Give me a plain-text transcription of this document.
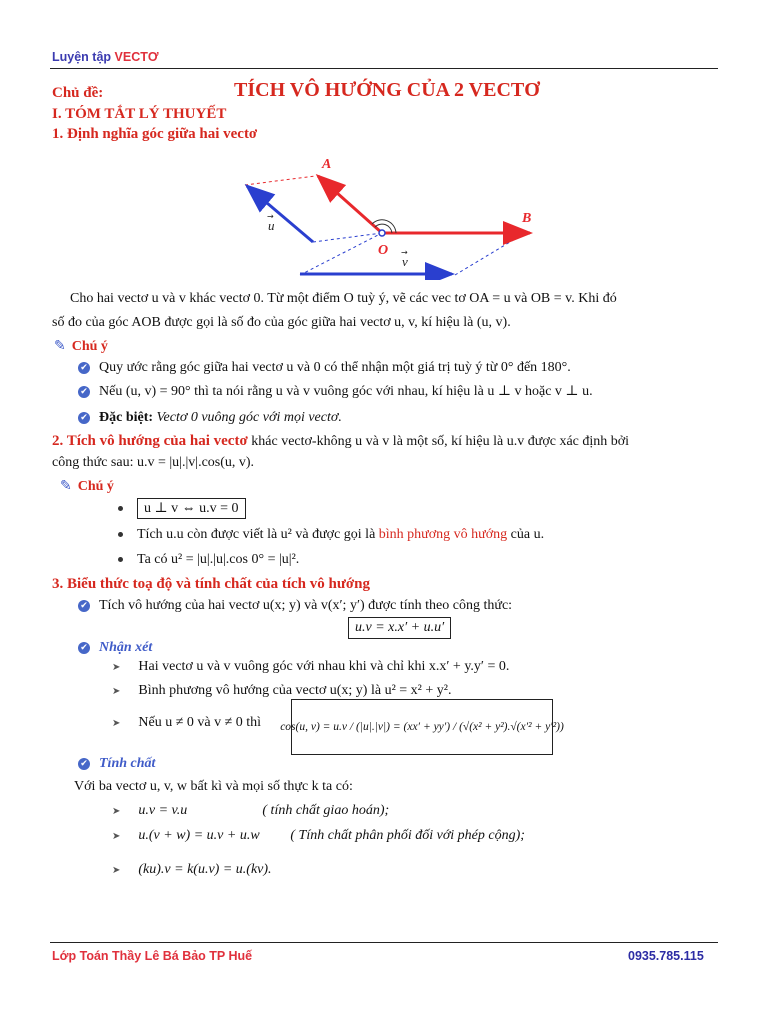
Luyện tập VECTƠ
Chủ đề:	TÍCH VÔ HƯỚNG CỦA 2 VECTƠ
I. TÓM TẮT LÝ THUYẾT
1. Định nghĩa góc giữa hai vectơ
A
B
O
u
v
→
→
Cho hai vectơ u và v khác vectơ 0. Từ một điểm O tuỳ ý, vẽ các vec tơ OA = u và OB = v. Khi đó
số đo của góc AOB được gọi là số đo của góc giữa hai vectơ u, v, kí hiệu là (u, v).
✎ Chú ý
✔ Quy ước rằng góc giữa hai vectơ u và 0 có thể nhận một giá trị tuỳ ý từ 0° đến 180°.
✔ Nếu (u, v) = 90° thì ta nói rằng u và v vuông góc với nhau, kí hiệu là u ⊥ v hoặc v ⊥ u.
✔ Đặc biệt: Vectơ 0 vuông góc với mọi vectơ.
2. Tích vô hướng của hai vectơ khác vectơ-không u và v là một số, kí hiệu là u.v được xác định bởi
công thức sau: u.v = |u|.|v|.cos(u, v).
✎ Chú ý
u ⊥ v ⇔ u.v = 0
Tích u.u còn được viết là u² và được gọi là bình phương vô hướng của u.
Ta có u² = |u|.|u|.cos 0° = |u|².
3. Biểu thức toạ độ và tính chất của tích vô hướng
✔ Tích vô hướng của hai vectơ u(x; y) và v(x′; y′) được tính theo công thức:
u.v = x.x′ + u.u′
✔ Nhận xét
➤ Hai vectơ u và v vuông góc với nhau khi và chỉ khi x.x′ + y.y′ = 0.
➤ Bình phương vô hướng của vectơ u(x; y) là u² = x² + y².
➤ Nếu u ≠ 0 và v ≠ 0 thì cos(u, v) = u.v / (|u|.|v|) = (xx′ + yy′) / (√(x² + y²).√(x′² + y′²))
✔ Tính chất
Với ba vectơ u, v, w bất kì và mọi số thực k ta có:
➤ u.v = v.u	( tính chất giao hoán);
➤ u.(v + w) = u.v + u.w ( Tính chất phân phối đối với phép cộng);
➤ (ku).v = k(u.v) = u.(kv).
Lớp Toán Thầy Lê Bá Bảo TP Huế	0935.785.115
